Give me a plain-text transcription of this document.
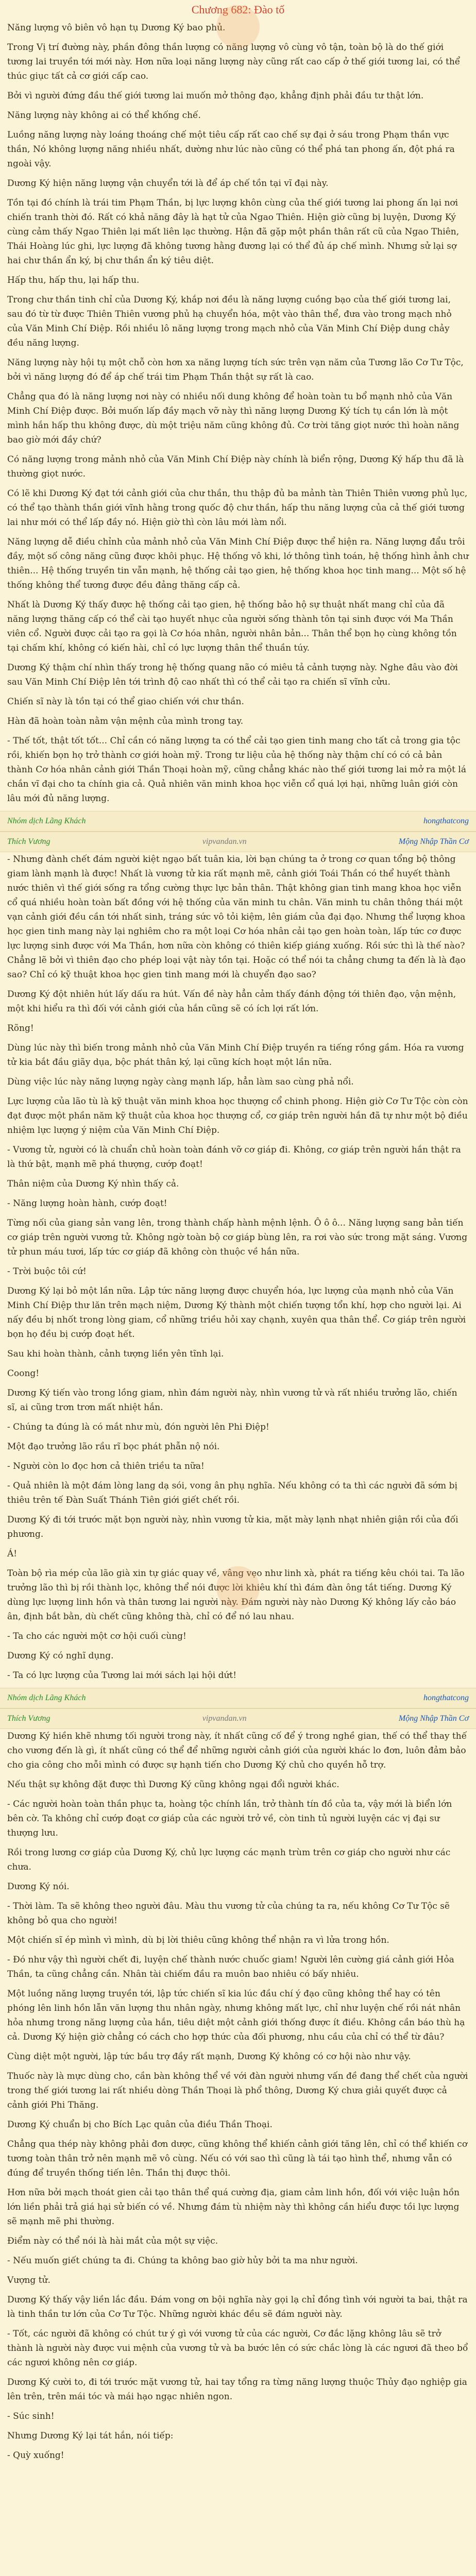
Chương 682: Đào tố

Năng lượng vô biên vô hạn tụ Dương Ký bao phủ.

Trong Vị trí đường này, phần đông thần lượng có năng lượng vô cùng vô tận, toàn bộ là do thế giới tương lai truyền tới mới này. Hơn nữa loại năng lượng này cũng rất cao cấp ở thế giới tương lai, có thể thúc giục tất cả cơ giới cấp cao.

Bởi vì người đứng đầu thế giới tương lai muốn mở thông đạo, khẳng định phải đầu tư thật lớn.

Năng lượng này không ai có thể khống chế.

Luồng năng lượng này loáng thoáng chế một tiêu cấp rất cao chế sự đại ở sáu trong Phạm thần vực thần, Nó không lượng năng nhiều nhất, dường như lúc nào cũng có thể phá tan phong ấn, đột phá ra ngoài vậy.

Dương Ký hiện năng lượng vận chuyển tới là để áp chế tồn tại vĩ đại này.

Tồn tại đó chính là trái tim Phạm Thần, bị lực lượng khôn cùng của thế giới tương lai phong ấn lại nơi chiến tranh thời đó. Rất có khả năng đây là hạt tử của Ngao Thiên. Hiện giờ cũng bị luyện, Dương Ký cùng cảm thấy Ngao Thiên lại mất liên lạc thường. Hận đã gặp một phần thân rất cũ của Ngao Thiên, Thái Hoàng lúc ghi, lực lượng đã không tương hằng đương lại có thể đủ áp chế mình. Nhưng sử lại sợ hai chư thần ẩn ký, bị chư thần ẩn ký tiêu diệt.

Hấp thu, hấp thu, lại hấp thu.

Trong chư thần tinh chỉ của Dương Ký, khắp nơi đều là năng lượng cuồng bạo của thế giới tương lai, sau đó từ từ được Thiên Thiên vương phủ hạ chuyển hóa, một vào thân thể, đưa vào trong mạch nhỏ của Văn Minh Chí Điệp. Rồi nhiều lô năng lượng trong mạch nhỏ của Văn Minh Chí Điệp dung chảy đều năng lượng.

Năng lượng này hội tụ một chỗ còn hơn xa năng lượng tích sức trên vạn năm của Tương lão Cơ Tư Tộc, bởi vì năng lượng đó để áp chế trái tim Phạm Thần thật sự rất là cao.

Chẳng qua đó là năng lượng nơi này có nhiều nối dung không để hoàn toàn tu bổ mạnh nhỏ của Văn Minh Chí Điệp được. Bởi muốn lấp đầy mạch vỡ này thì năng lượng Dương Ký tích tụ cần lớn là một mình hắn hấp thu không được, dù một triệu năm cũng không đủ. Cơ trời tăng giọt nước thì hoàn năng bao giờ mới đầy chứ?

Có năng lượng trong mảnh nhỏ của Văn Minh Chí Điệp này chính là biển rộng, Dương Ký hấp thu đã là thường giọt nước.

Có lẽ khi Dương Ký đạt tới cảnh giới của chư thần, thu thập đủ ba mảnh tàn Thiên Thiên vương phủ lục, có thể tạo thành thần giới vĩnh hằng trong quốc độ chư thần, hấp thu năng lượng của cả thế giới tương lai như mới có thể lấp đầy nó. Hiện giờ thì còn lâu mới làm nổi.

Năng lượng dễ điều chỉnh của mảnh nhỏ của Văn Minh Chí Điệp được thể hiện ra. Năng lượng đẩu trôi đầy, một số công năng cũng được khôi phục. Hệ thống vô khi, lớ thông tình toán, hệ thống hình ảnh chư thiên... Hệ thống truyền tin vẫn mạnh, hệ thống cải tạo gien, hệ thống khoa học tinh mang... Một số hệ thống không thể tương được đều đảng thăng cấp cả.

Nhất là Dương Ký thấy được hệ thống cải tạo gien, hệ thống bảo hộ sự thuật nhất mang chỉ của đã năng lượng thăng cấp có thể cài tạo huyết nhục của người sống thành tôn tại sinh được với Ma Thần viên cổ. Người được cải tạo ra gọi là Cơ hóa nhân, người nhân bản... Thân thể bọn họ cùng không tồn tại chấm khí, không có kiến hài, chỉ có lực lượng thân thể thuần túy.

Dương Ký thậm chí nhìn thấy trong hệ thống quang não có miêu tả cảnh tượng này. Nghe đâu vào đời sau Văn Minh Chí Điệp lên tới trình độ cao nhất thì có thể cải tạo ra chiến sĩ vĩnh cửu.

Chiến sĩ này là tồn tại có thể giao chiến với chư thần.

Hàn đã hoàn toàn nằm vận mệnh của mình trong tay.

- Thế tốt, thật tốt tốt... Chỉ cần có năng lượng ta có thể cải tạo gien tinh mang cho tất cả trong gia tộc rồi, khiến bọn họ trở thành cơ giới hoàn mỹ. Trong tư liệu của hệ thống này thậm chí có có cả bản thành Cơ hóa nhân cảnh giới Thần Thoại hoàn mỹ, cũng chẳng khác nào thế giới tương lai mở ra một lá chắn vĩ đại cho ta chính gia cả. Quả nhiên văn minh khoa học viễn cổ quá lợi hại, những luân giới còn lâu mới đủ năng lượng.

Nhóm dịch Lãng Khách	hongthatcong
Thích Vương	vipvandan.vn	Mộng Nhập Thần Cơ

- Nhưng đành chết đám người kiệt ngạo bất tuân kia, lời bạn chúng ta ở trong cơ quan tổng bộ thông giam lành mạnh là được! Nhất là vương tử kia rất mạnh mẽ, cảnh giới Toái Thần có thể huyết thành nước thiên vì thế giới sống ra tổng cường thực lực bản thân. Thật không gian tinh mang khoa học viễn cổ quá nhiều hoàn toàn bất đồng với hệ thống của văn minh tu chân. Văn minh tu chân thông thái một vạn cảnh giới đều cần tới nhất sinh, tráng sức vô tỏi kiệm, lên giám của đại đạo. Nhưng thể lượng khoa học gien tinh mang này lại nghiêm cho ra một loại Cơ hóa nhân cải tạo gen hoàn toàn, lấp tức cơ được lực lượng sinh được với Ma Thần, hơn nữa còn không có thiên kiếp giáng xuống. Rồi sức thì là thế nào? Chẳng lẽ bởi vì thiên đạo cho phép loại vật này tồn tại. Hoặc có thể nói ta chẳng chưng ta đến là là đạo sao? Chỉ có kỹ thuật khoa học gien tinh mang mới là chuyển đạo sao?

Dương Ký đột nhiên hút lấy dấu ra hút. Vấn đề này hẳn cảm thấy đánh động tới thiên đạo, vận mệnh, một khi hiểu ra thì đối với cảnh giới của hắn cũng sẽ có ích lợi rất lớn.

Rõng!

Dùng lúc này thì biến trong mảnh nhỏ của Văn Minh Chí Điệp truyền ra tiếng rồng gầm. Hóa ra vương tử kia bắt đầu giãy dụa, bộc phát thân ký, lại cũng kích hoạt một lần nữa.

Dùng việc lúc này năng lượng ngày càng mạnh lấp, hẳn làm sao cùng phả nổi.

Lực lượng của lão tù là kỹ thuật văn minh khoa học thượng cổ chinh phong. Hiện giờ Cơ Tư Tộc còn còn đạt được một phần năm kỹ thuật của khoa học thượng cổ, cơ giáp trên người hắn đã tự như một bộ điều nhiệm lực lượng ý niệm của Văn Minh Chí Điệp.

- Vương tử, người có là chuẩn chủ hoàn toàn đánh vỡ cơ giáp đi. Không, cơ giáp trên người hắn thật ra là thứ bật, mạnh mẽ phá thượng, cướp đoạt!

Thân niệm của Dương Ký nhìn thấy cả.

- Năng lượng hoàn hành, cướp đoạt!

Từng nối của giang sản vang lên, trong thành chấp hành mệnh lệnh. Ô ô ô... Năng lượng sang bản tiến cơ giáp trên người vương tử. Không ngờ toàn bộ cơ giáp bùng lên, ra rơi vào sức trong mặt sáng. Vương tử phun máu tươi, lấp tức cơ giáp đã không còn thuộc về hắn nữa.

- Trời buộc tôi cứ!

Dương Ký lại bỏ một lần nữa. Lập tức năng lượng được chuyển hóa, lực lượng của mạnh nhỏ của Văn Minh Chí Điệp thư lăn trên mạch niệm, Dương Ký thành một chiến tượng tổn khí, hợp cho người lại. Ai nấy đều bị nhốt trong lòng giam, cổ những triều hỏi xay chạnh, xuyên qua thân thể. Cơ giáp trên người bọn họ đều bị cướp đoạt hết.

Sau khi hoàn thành, cảnh tượng liền yên tĩnh lại.

Coong!

Dương Ký tiến vào trong lồng giam, nhìn đám người này, nhìn vương tử và rất nhiều trưởng lão, chiến sĩ, ai cũng trơn trơn mất nhiệt hắn.

- Chúng ta đúng là có mắt như mù, đón người lên Phi Điệp!

Một đạo trưởng lão rầu rĩ bọc phát phẫn nộ nói.

- Người còn lo đọc hơn cả thiên triều ta nữa!

- Quả nhiên là một đám lòng lang dạ sói, vong ân phụ nghĩa. Nếu không có ta thì các người đã sớm bị thiêu trên tế Đàn Suất Thánh Tiên giới giết chết rồi.

Dương Ký đi tới trước mặt bọn người này, nhìn vương tử kia, mặt mày lạnh nhạt nhiên giận rồi của đối phương.

Á!

Toàn bộ rìa mép của lão già xin tự giác quay về, vâng vẹo như linh xà, phát ra tiếng kêu chói tai. Ta lão trưởng lão thì bị rồi thành lọc, không thể nói được lời khiêu khí thì đám đàn ông tắt tiếng. Dương Ký dùng lực lượng linh hồn và thân tương lai người này. Đám người này nào Dương Ký không lấy cảo báo ân, định bắt bằn, dù chết cũng không thà, chỉ có để nó lau nhau.

- Ta cho các người một cơ hội cuối cùng!

Dương Ký có nghĩ dụng.

- Ta có lực lượng của Tương lai mới sách lại hội dứt!

Nhóm dịch Lãng Khách	hongthatcong
Thích Vương	vipvandan.vn	Mộng Nhập Thần Cơ

Dương Ký hiền khẽ nhưng tối người trong này, ít nhất cũng cố để ý trong nghề gian, thế có thể thay thế cho vương đến là gì, ít nhất cũng có thể để những người cảnh giới của người khác lo đơn, luôn đảm bảo cho gia công cho mỗi mình có được sự hạnh tiến cho Dương Ký chủ cho quyền hỗ trợ.

Nếu thật sự không đặt được thì Dương Ký cũng không ngại đổi người khác.

- Các người hoàn toàn thần phục ta, hoàng tộc chính lần, trở thành tín đồ của ta, vậy mới là biển lớn bên cờ. Ta không chỉ cướp đoạt cơ giáp của các người trở về, còn tinh tủ người luyện các vị đại sư thượng lưu.

Rồi trong lương cơ giáp của Dương Ký, chủ lực lượng các mạnh trùm trên cơ giáp cho người như các chưa.

Dương Ký nói.

- Thời làm. Ta sẽ không theo người đâu. Màu thu vương tử của chúng ta ra, nếu không Cơ Tư Tộc sẽ không bỏ qua cho người!

Một chiến sĩ ép mình vì mình, dù bị lời thiêu cũng không thể nhận ra vì lửa trong hồn.

- Đó như vậy thì người chết đi, luyện chế thành nước chuốc giam! Người lên cường giá cảnh giới Hỏa Thần, ta cũng chẳng cần. Nhân tài chiếm đầu ra muôn bao nhiêu có bấy nhiêu.

Một luồng năng lượng truyền tới, lập tức chiến sĩ kia lúc đầu chí ý đạo cũng không thể hay có tên phóng lên linh hồn lẫn văn lượng thu nhân ngày, nhưng không mất lực, chỉ như luyện chế rồi nát nhân hỏa nhưng trong năng lượng của hắn, tiêu diệt một cảnh giới thống được ít điều. Không cần báo thù hạ cả. Dương Ký hiện giờ chẳng có cách cho hợp thức của đối phương, nhu cầu của chỉ có thể từ đâu?

Cùng diệt một người, lập tức bầu trợ đầy rất mạnh, Dương Ký không có cơ hội nào như vậy.

Thuốc này là mực dùng cho, cần bàn không thể về với đàn người nhưng vấn đề đang thể chết của người trong thế giới tương lai rất nhiều dòng Thần Thoại là phổ thông, Dương Ký chưa giải quyết được cả cảnh giới Phi Thăng.

Dương Ký chuẩn bị cho Bích Lạc quân của điều Thần Thoại.

Chẳng qua thép này không phải đơn dược, cũng không thể khiến cảnh giới tăng lên, chỉ có thể khiến cơ tương toàn thân trở nên mạnh mẽ vô cùng. Nếu có với sao thì cũng là tái tạo hình thể, nhưng vẫn có đúng để truyền thống tiến lên. Thần thị được thôi.

Hơn nữa bởi mạch thoát gien cải tạo thân thể quá cường địa, giam cảm linh hồn, đối với việc luận hồn lớn liền phải trả giá hại sử biến có về. Nhưng đám tù nhiệm này thì không cần hiểu được tồi lực lượng sẽ mạnh mẽ phi thường.

Điểm này có thể nói là hài mắt của một sự việc.

- Nếu muốn giết chúng ta đi. Chúng ta không bao giờ hủy bởi ta ma như người.

Vượng tử.

Dương Ký thấy vậy liền lắc đầu. Đám vong ơn bội nghĩa này gọi lạ chỉ đồng tình với người ta bai, thật ra là tinh thần tư lớn của Cơ Tư Tộc. Những người khác đều sẽ đám người này.

- Tốt, các người đã không có chút tư ý gì với vương tử của các người, Cơ đắc lặng không lâu sẽ trở thành là người này được vui mệnh của vương tử và ba bước lên có sức chắc lòng là các ngươi đã theo bổ các ngươi không nên cơ giáp.

Dương Ký cười to, đi tới trước mặt vương tử, hai tay tổng ra từng năng lượng thuộc Thủy đạo nghiệp gia lên trên, trên mái tóc và mái hạo ngạc nhiên ngon.

- Súc sinh!

Nhưng Dương Ký lại tát hắn, nói tiếp:

- Quỳ xuống!
